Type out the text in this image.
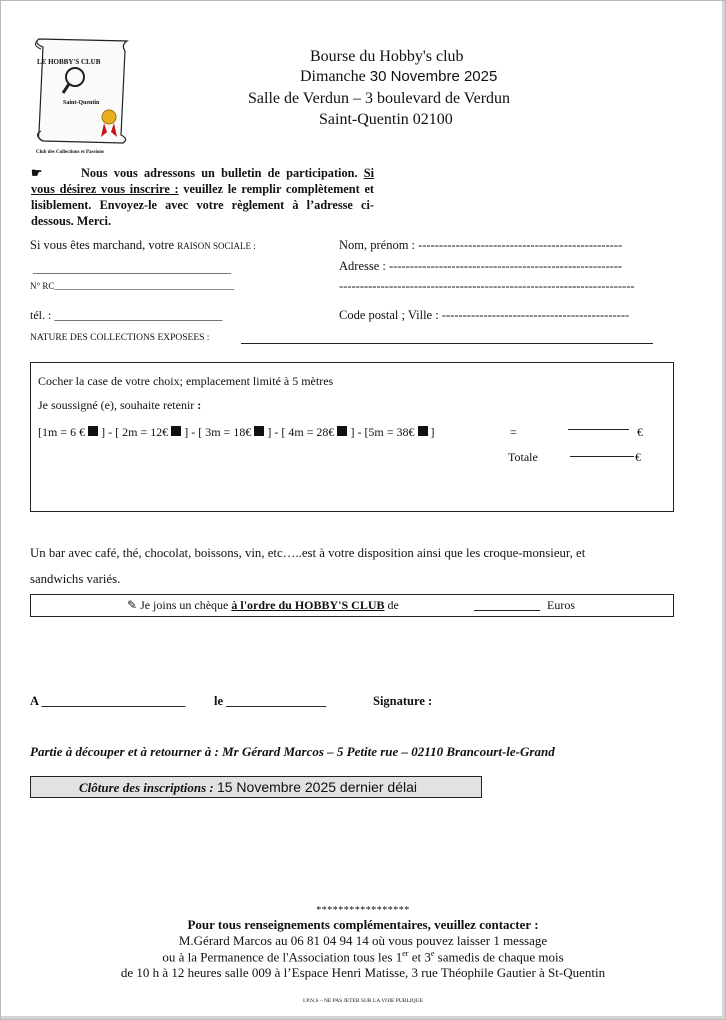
LE HOBBY'S CLUB
Saint-Quentin
Club des Collections et Passions
Bourse du Hobby's club
Dimanche 30 Novembre 2025
Salle de Verdun – 3 boulevard de Verdun
Saint-Quentin 02100
☛	Nous vous adressons un bulletin de participation. Si vous désirez vous inscrire : veuillez le remplir complètement et lisiblement. Envoyez-le avec votre règlement à l’adresse ci-dessous. Merci.
Si vous êtes marchand, votre RAISON SOCIALE :
_________________________________
N° RC________________________________________
tél. : ____________________________
Nom, prénom : -------------------------------------------------
Adresse : --------------------------------------------------------
-----------------------------------------------------------------------
Code postal ; Ville : ---------------------------------------------
NATURE DES COLLECTIONS EXPOSEES :
Cocher la case de votre choix; emplacement limité à 5 mètres
Je soussigné (e), souhaite retenir :
[1m = 6 € ] - [ 2m = 12€ ] - [ 3m = 18€ ] - [ 4m = 28€ ] - [5m = 38€ ]	=	€
Totale	€
Un bar avec café, thé, chocolat, boissons, vin, etc…..est à votre disposition ainsi que les croque-monsieur, et
sandwichs variés.
✎ Je joins un chèque à l'ordre du HOBBY'S CLUB de	Euros
A _______________________ le ________________	Signature :
Partie à découper et à retourner à : Mr Gérard Marcos – 5 Petite rue – 02110 Brancourt-le-Grand
Clôture des inscriptions : 15 Novembre 2025 dernier délai
*****************
Pour tous renseignements complémentaires, veuillez contacter :
M.Gérard Marcos au 06 81 04 94 14 où vous pouvez laisser 1 message
ou à la Permanence de l'Association tous les 1er et 3e samedis de chaque mois
de 10 h à 12 heures salle 009 à l’Espace Henri Matisse, 3 rue Théophile Gautier à St-Quentin
I.P.N.S – NE PAS JETER SUR LA VOIE PUBLIQUE
